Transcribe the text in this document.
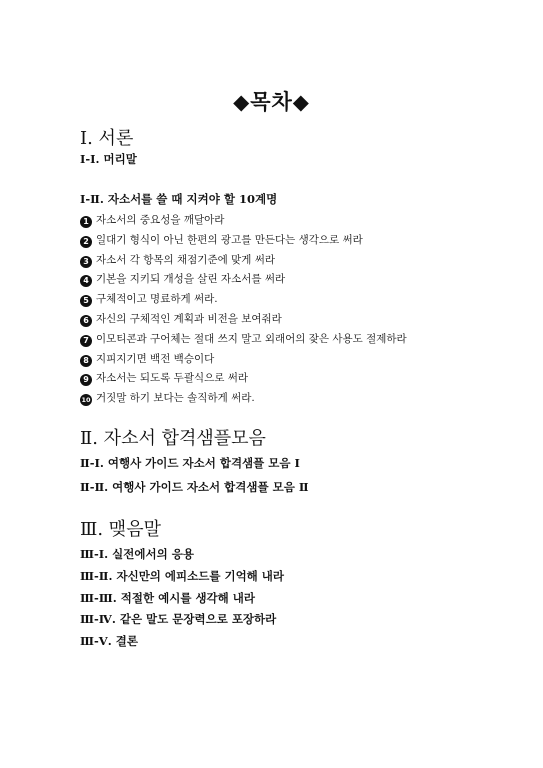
◆목차◆
Ⅰ. 서론
Ⅰ-Ⅰ. 머리말
Ⅰ-Ⅱ. 자소서를 쓸 때 지켜야 할 10계명
1 자소서의 중요성을 깨달아라
2 일대기 형식이 아닌 한편의 광고를 만든다는 생각으로 써라
3 자소서 각 항목의 채점기준에 맞게 써라
4 기본을 지키되 개성을 살린 자소서를 써라
5 구체적이고 명료하게 써라.
6 자신의 구체적인 계획과 비전을 보여줘라
7 이모티콘과 구어체는 절대 쓰지 말고 외래어의 잦은 사용도 절제하라
8 지피지기면 백전 백승이다
9 자소서는 되도록 두괄식으로 써라
10 거짓말 하기 보다는 솔직하게 써라.
Ⅱ. 자소서 합격샘플모음
Ⅱ-Ⅰ. 여행사 가이드 자소서 합격샘플 모음 Ⅰ
Ⅱ-Ⅱ. 여행사 가이드 자소서 합격샘플 모음 Ⅱ
Ⅲ. 맺음말
Ⅲ-Ⅰ. 실전에서의 응용
Ⅲ-Ⅱ. 자신만의 에피소드를 기억해 내라
Ⅲ-Ⅲ. 적절한 예시를 생각해 내라
Ⅲ-Ⅳ. 같은 말도 문장력으로 포장하라
Ⅲ-Ⅴ. 결론
